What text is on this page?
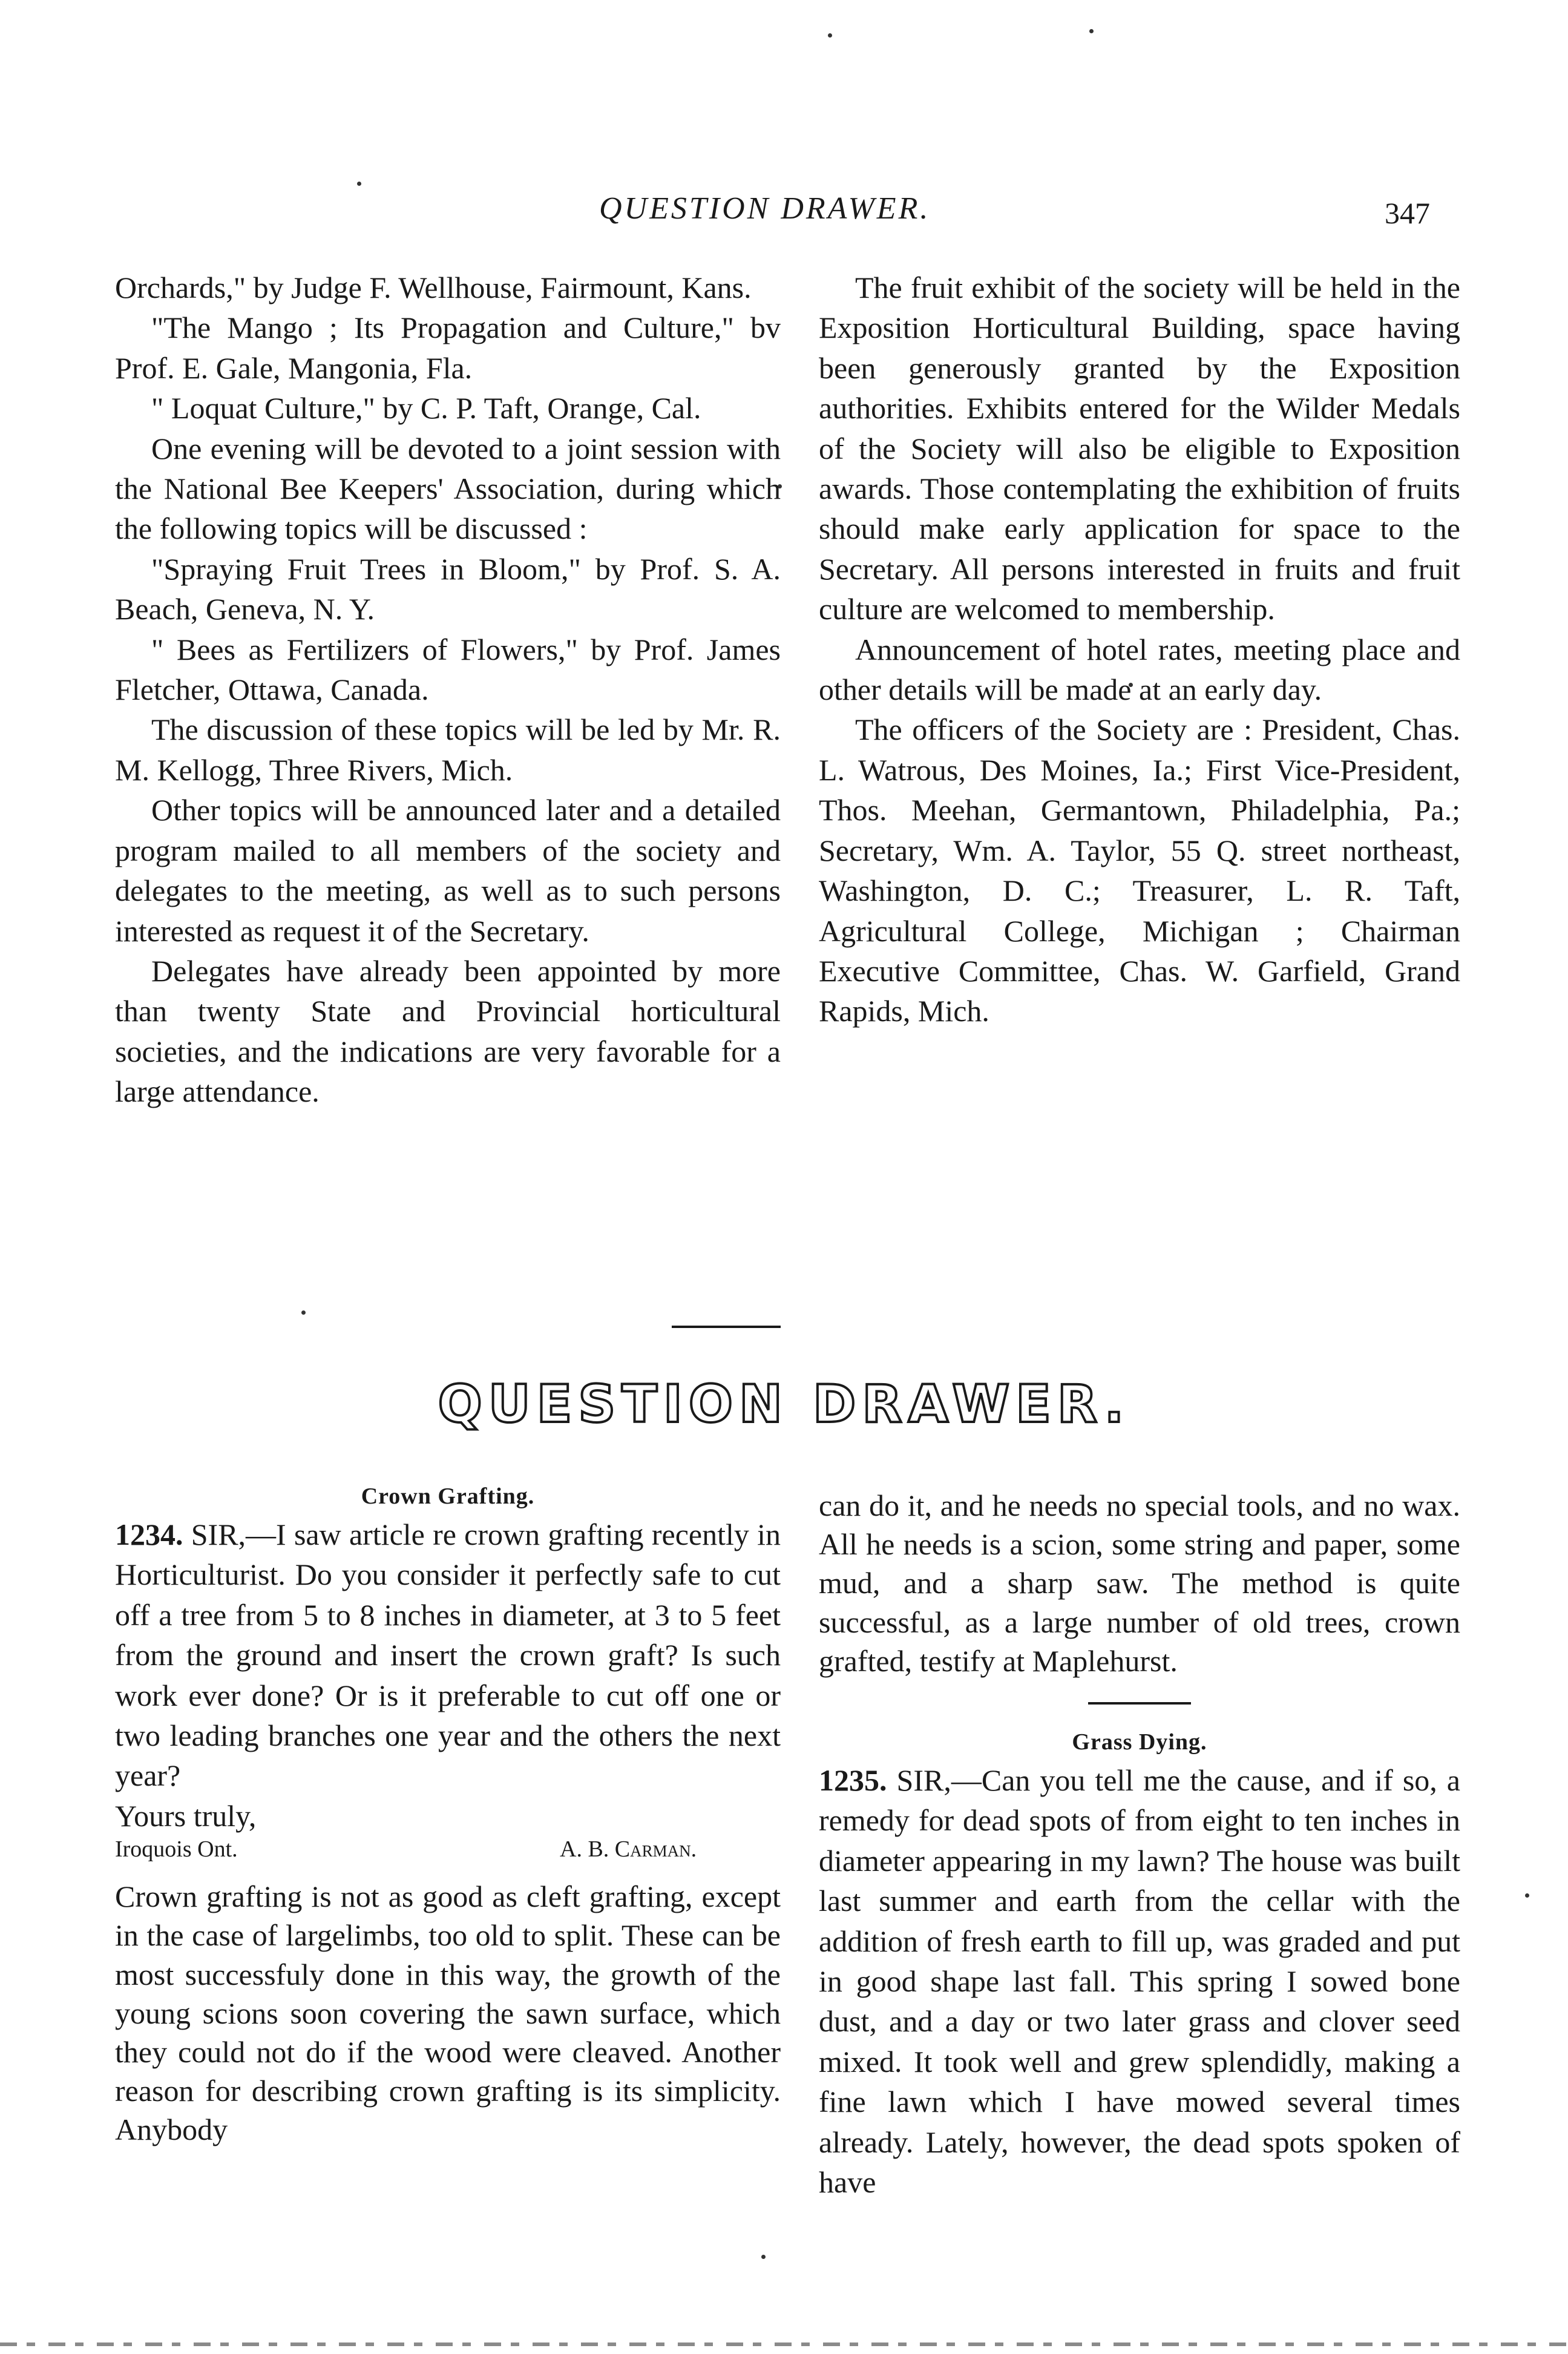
QUESTION DRAWER.	347

Orchards," by Judge F. Wellhouse, Fairmount, Kans.

"The Mango ; Its Propagation and Culture," bv Prof. E. Gale, Mangonia, Fla.

" Loquat Culture," by C. P. Taft, Orange, Cal.

One evening will be devoted to a joint session with the National Bee Keepers' Association, during which the following topics will be discussed :

"Spraying Fruit Trees in Bloom," by Prof. S. A. Beach, Geneva, N. Y.

" Bees as Fertilizers of Flowers," by Prof. James Fletcher, Ottawa, Canada.

The discussion of these topics will be led by Mr. R. M. Kellogg, Three Rivers, Mich.

Other topics will be announced later and a detailed program mailed to all members of the society and delegates to the meeting, as well as to such persons interested as request it of the Secretary.

Delegates have already been appointed by more than twenty State and Provincial horticultural societies, and the indications are very favorable for a large attendance.

The fruit exhibit of the society will be held in the Exposition Horticultural Building, space having been generously granted by the Exposition authorities. Exhibits entered for the Wilder Medals of the Society will also be eligible to Exposition awards. Those contemplating the exhibition of fruits should make early application for space to the Secretary. All persons interested in fruits and fruit culture are welcomed to membership.

Announcement of hotel rates, meeting place and other details will be made at an early day.

The officers of the Society are : President, Chas. L. Watrous, Des Moines, Ia.; First Vice-President, Thos. Meehan, Germantown, Philadelphia, Pa.; Secretary, Wm. A. Taylor, 55 Q. street northeast, Washington, D. C.; Treasurer, L. R. Taft, Agricultural College, Michigan ; Chairman Executive Committee, Chas. W. Garfield, Grand Rapids, Mich.

QUESTION DRAWER.
Crown Grafting.

1234. SIR,—I saw article re crown grafting recently in Horticulturist. Do you consider it perfectly safe to cut off a tree from 5 to 8 inches in diameter, at 3 to 5 feet from the ground and insert the crown graft? Is such work ever done? Or is it preferable to cut off one or two leading branches one year and the others the next year?

Yours truly,

Iroquois Ont.	A. B. Carman.

Crown grafting is not as good as cleft grafting, except in the case of largelimbs, too old to split. These can be most successfuly done in this way, the growth of the young scions soon covering the sawn surface, which they could not do if the wood were cleaved. Another reason for describing crown grafting is its simplicity. Anybody

can do it, and he needs no special tools, and no wax. All he needs is a scion, some string and paper, some mud, and a sharp saw. The method is quite successful, as a large number of old trees, crown grafted, testify at Maplehurst.

Grass Dying.

1235. SIR,—Can you tell me the cause, and if so, a remedy for dead spots of from eight to ten inches in diameter appearing in my lawn? The house was built last summer and earth from the cellar with the addition of fresh earth to fill up, was graded and put in good shape last fall. This spring I sowed bone dust, and a day or two later grass and clover seed mixed. It took well and grew splendidly, making a fine lawn which I have mowed several times already. Lately, however, the dead spots spoken of have
